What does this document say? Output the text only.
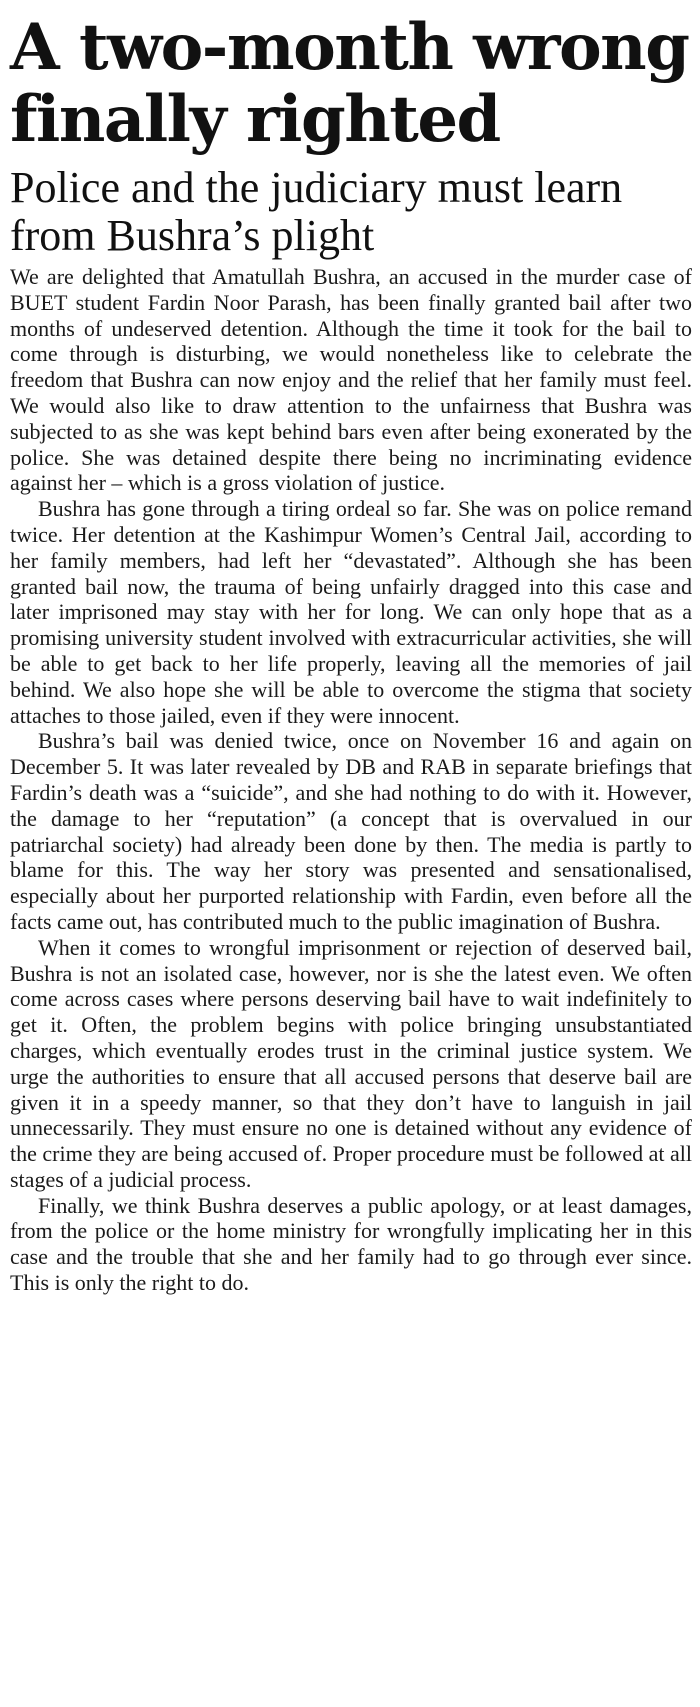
A two-month wrong finally righted
Police and the judiciary must learn from Bushra’s plight

We are delighted that Amatullah Bushra, an accused in the murder case of BUET student Fardin Noor Parash, has been finally granted bail after two months of undeserved detention. Although the time it took for the bail to come through is disturbing, we would nonetheless like to celebrate the freedom that Bushra can now enjoy and the relief that her family must feel. We would also like to draw attention to the unfairness that Bushra was subjected to as she was kept behind bars even after being exonerated by the police. She was detained despite there being no incriminating evidence against her – which is a gross violation of justice.

Bushra has gone through a tiring ordeal so far. She was on police remand twice. Her detention at the Kashimpur Women’s Central Jail, according to her family members, had left her “devastated”. Although she has been granted bail now, the trauma of being unfairly dragged into this case and later imprisoned may stay with her for long. We can only hope that as a promising university student involved with extracurricular activities, she will be able to get back to her life properly, leaving all the memories of jail behind. We also hope she will be able to overcome the stigma that society attaches to those jailed, even if they were innocent.

Bushra’s bail was denied twice, once on November 16 and again on December 5. It was later revealed by DB and RAB in separate briefings that Fardin’s death was a “suicide”, and she had nothing to do with it. However, the damage to her “reputation” (a concept that is overvalued in our patriarchal society) had already been done by then. The media is partly to blame for this. The way her story was presented and sensationalised, especially about her purported relationship with Fardin, even before all the facts came out, has contributed much to the public imagination of Bushra.

When it comes to wrongful imprisonment or rejection of deserved bail, Bushra is not an isolated case, however, nor is she the latest even. We often come across cases where persons deserving bail have to wait indefinitely to get it. Often, the problem begins with police bringing unsubstantiated charges, which eventually erodes trust in the criminal justice system. We urge the authorities to ensure that all accused persons that deserve bail are given it in a speedy manner, so that they don’t have to languish in jail unnecessarily. They must ensure no one is detained without any evidence of the crime they are being accused of. Proper procedure must be followed at all stages of a judicial process.

Finally, we think Bushra deserves a public apology, or at least damages, from the police or the home ministry for wrongfully implicating her in this case and the trouble that she and her family had to go through ever since. This is only the right to do.
